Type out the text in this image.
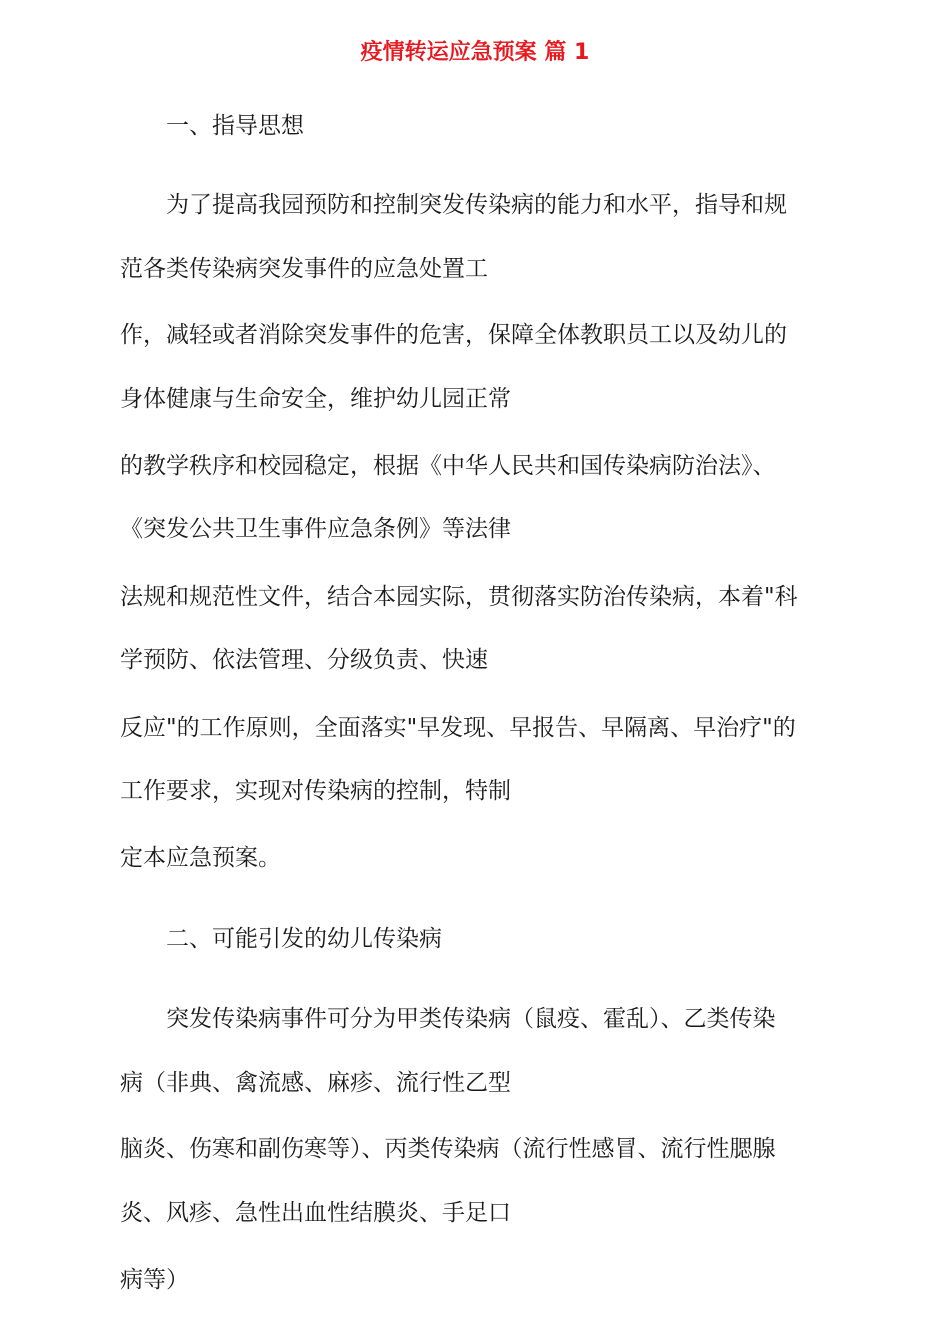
疫情转运应急预案 篇 1
一、指导思想
为了提高我园预防和控制突发传染病的能力和水平，指导和规
范各类传染病突发事件的应急处置工
作，减轻或者消除突发事件的危害，保障全体教职员工以及幼儿的
身体健康与生命安全，维护幼儿园正常
的教学秩序和校园稳定，根据《中华人民共和国传染病防治法》、
《突发公共卫生事件应急条例》等法律
法规和规范性文件，结合本园实际，贯彻落实防治传染病，本着"科
学预防、依法管理、分级负责、快速
反应"的工作原则，全面落实"早发现、早报告、早隔离、早治疗"的
工作要求，实现对传染病的控制，特制
定本应急预案。
二、可能引发的幼儿传染病
突发传染病事件可分为甲类传染病（鼠疫、霍乱）、乙类传染
病（非典、禽流感、麻疹、流行性乙型
脑炎、伤寒和副伤寒等）、丙类传染病（流行性感冒、流行性腮腺
炎、风疹、急性出血性结膜炎、手足口
病等）
